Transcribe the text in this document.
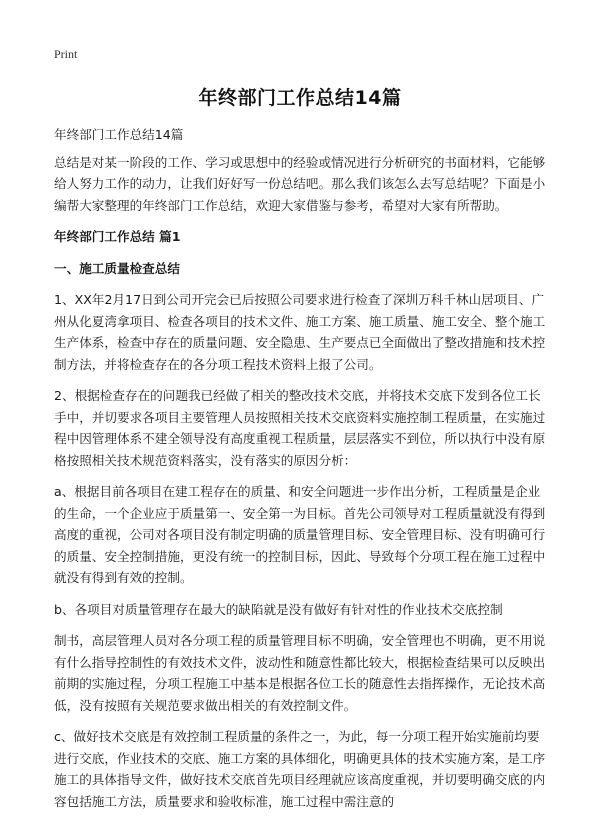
Print
年终部门工作总结14篇

年终部门工作总结14篇

总结是对某一阶段的工作、学习或思想中的经验或情况进行分析研究的书面材料，它能够给人努力工作的动力，让我们好好写一份总结吧。那么我们该怎么去写总结呢？下面是小编帮大家整理的年终部门工作总结，欢迎大家借鉴与参考，希望对大家有所帮助。

年终部门工作总结 篇1

一、施工质量检查总结

1、XX年2月17日到公司开完会已后按照公司要求进行检查了深圳万科千林山居项目、广州从化夏湾拿项目、检查各项目的技术文件、施工方案、施工质量、施工安全、整个施工生产体系，检查中存在的质量问题、安全隐患、生产要点已全面做出了整改措施和技术控制方法，并将检查存在的各分项工程技术资料上报了公司。

2、根据检查存在的问题我已经做了相关的整改技术交底，并将技术交底下发到各位工长手中，并切要求各项目主要管理人员按照相关技术交底资料实施控制工程质量，在实施过程中因管理体系不建全领导没有高度重视工程质量，层层落实不到位，所以执行中没有原格按照相关技术规范资料落实，没有落实的原因分析：

a、根据目前各项目在建工程存在的质量、和安全问题进一步作出分析，工程质量是企业的生命，一个企业应于质量第一、安全第一为目标。首先公司领导对工程质量就没有得到高度的重视，公司对各项目没有制定明确的质量管理目标、安全管理目标、没有明确可行的质量、安全控制措施，更没有统一的控制目标，因此、导致每个分项工程在施工过程中就没有得到有效的控制。

b、各项目对质量管理存在最大的缺陷就是没有做好有针对性的作业技术交底控制

制书，高层管理人员对各分项工程的质量管理目标不明确，安全管理也不明确，更不用说有什么指导控制性的有效技术文件，波动性和随意性都比较大，根据检查结果可以反映出前期的实施过程，分项工程施工中基本是根据各位工长的随意性去指挥操作，无论技术高低，没有按照有关规范要求做出相关的有效控制文件。

c、做好技术交底是有效控制工程质量的条件之一，为此，每一分项工程开始实施前均要进行交底，作业技术的交底、施工方案的具体细化，明确更具体的技术实施方案，是工序施工的具体指导文件，做好技术交底首先项目经理就应该高度重视，并切要明确交底的内容包括施工方法，质量要求和验收标准，施工过程中需注意的
